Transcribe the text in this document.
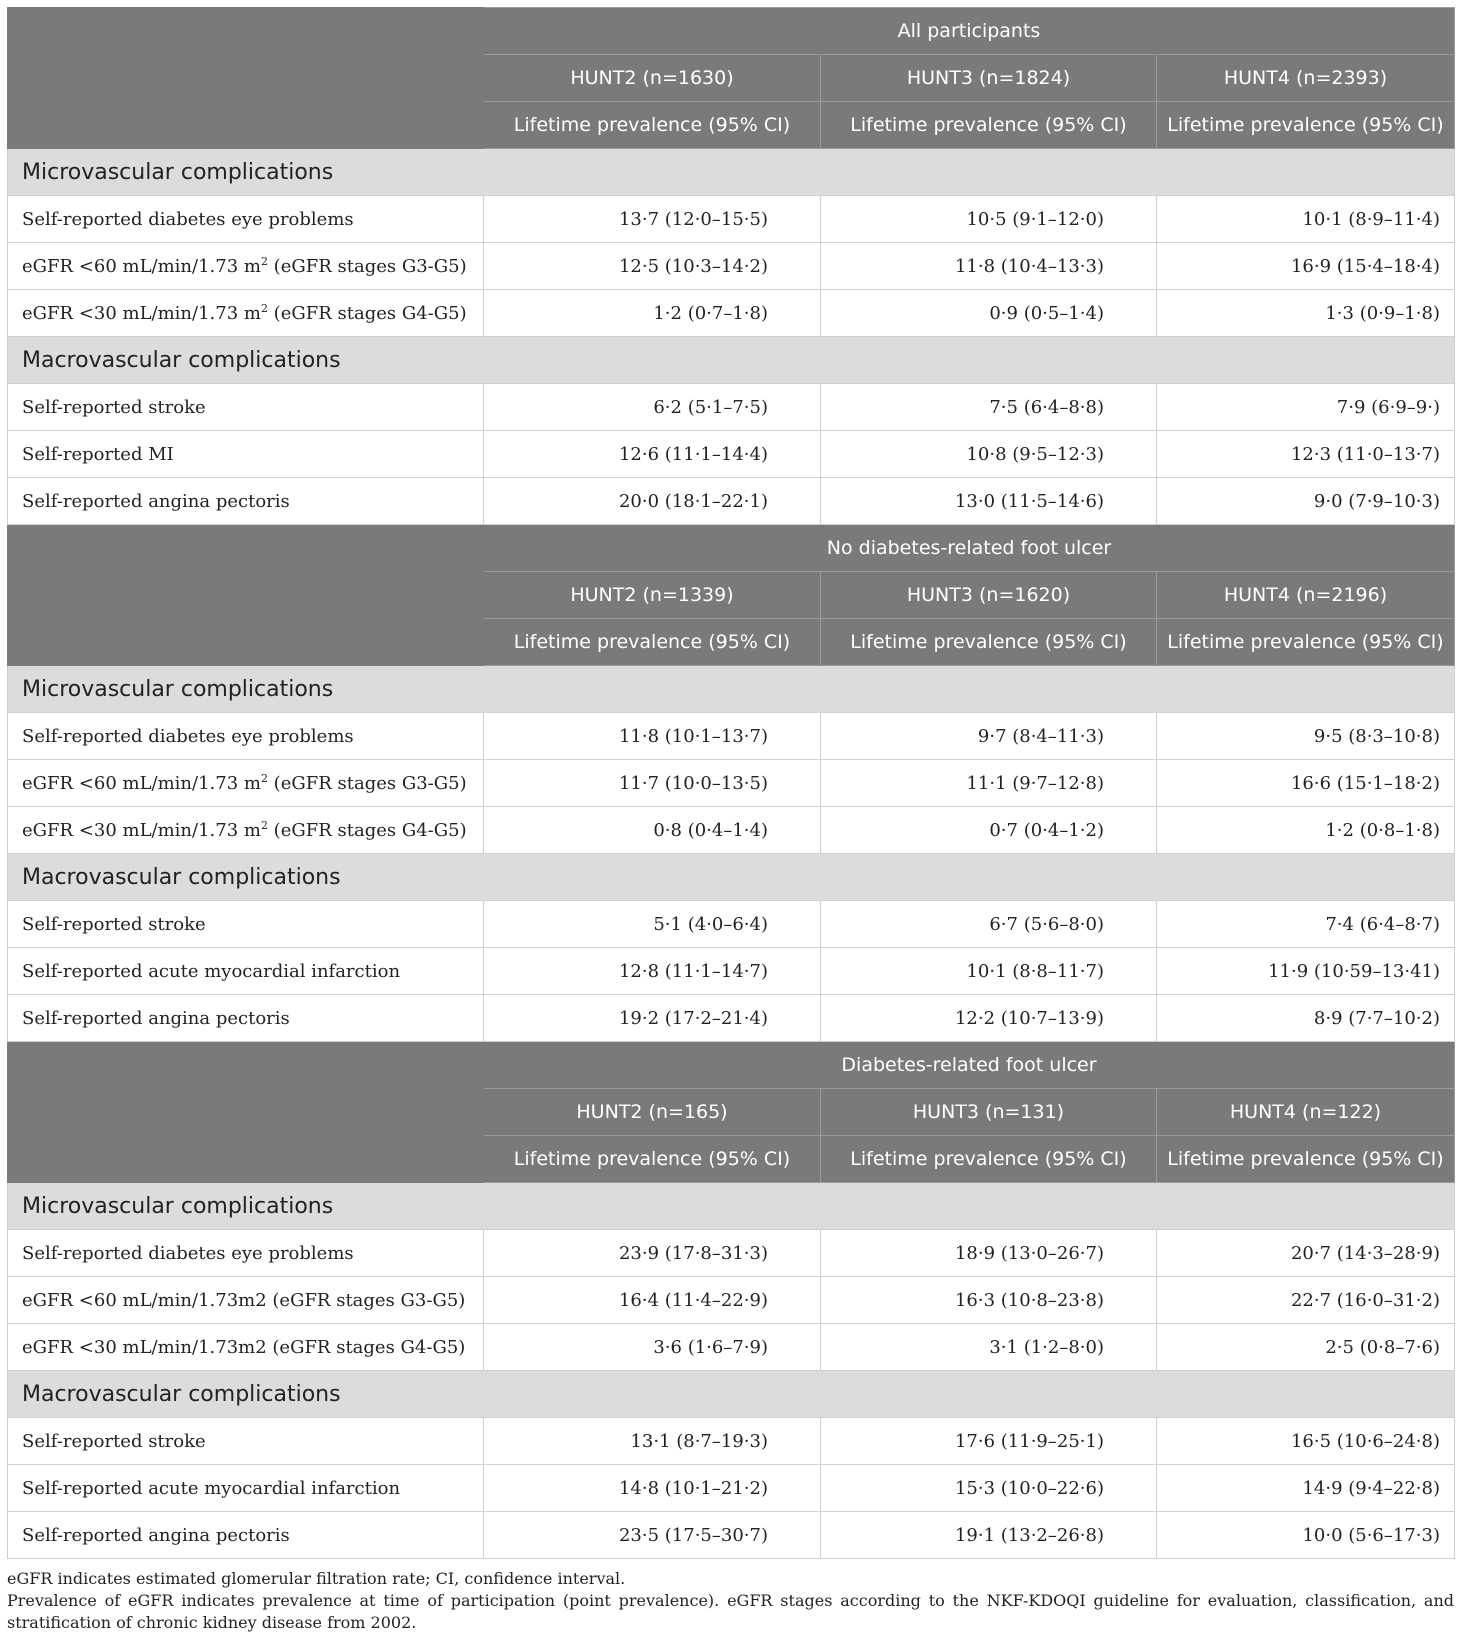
	All participants		
	HUNT2 (n=1630)	HUNT3 (n=1824)	HUNT4 (n=2393)
	Lifetime prevalence (95% CI)	Lifetime prevalence (95% CI)	Lifetime prevalence (95% CI)
Microvascular complications			
Self-reported diabetes eye problems	13·7 (12·0–15·5)	10·5 (9·1–12·0)	10·1 (8·9–11·4)
eGFR <60 mL/min/1.73 $m^2$ (eGFR stages G3-G5)	12·5 (10·3–14·2)	11·8 (10·4–13·3)	16·9 (15·4–18·4)
eGFR <30 mL/min/1.73 $m^2$ (eGFR stages G4-G5)	1·2 (0·7–1·8)	0·9 (0·5–1·4)	1·3 (0·9–1·8)
Macrovascular complications			
Self-reported stroke	6·2 (5·1–7·5)	7·5 (6·4–8·8)	7·9 (6·9–9·)
Self-reported MI	12·6 (11·1–14·4)	10·8 (9·5–12·3)	12·3 (11·0–13·7)
Self-reported angina pectoris	20·0 (18·1–22·1)	13·0 (11·5–14·6)	9·0 (7·9–10·3)
	No diabetes-related foot ulcer		
	HUNT2 (n=1339)	HUNT3 (n=1620)	HUNT4 (n=2196)
	Lifetime prevalence (95% CI)	Lifetime prevalence (95% CI)	Lifetime prevalence (95% CI)
Microvascular complications			
Self-reported diabetes eye problems	11·8 (10·1–13·7)	9·7 (8·4–11·3)	9·5 (8·3–10·8)
eGFR <60 mL/min/1.73 $m^2$ (eGFR stages G3-G5)	11·7 (10·0–13·5)	11·1 (9·7–12·8)	16·6 (15·1–18·2)
eGFR <30 mL/min/1.73 $m^2$ (eGFR stages G4-G5)	0·8 (0·4–1·4)	0·7 (0·4–1·2)	1·2 (0·8–1·8)
Macrovascular complications			
Self-reported stroke	5·1 (4·0–6·4)	6·7 (5·6–8·0)	7·4 (6·4–8·7)
Self-reported acute myocardial infarction	12·8 (11·1–14·7)	10·1 (8·8–11·7)	11·9 (10·59–13·41)
Self-reported angina pectoris	19·2 (17·2–21·4)	12·2 (10·7–13·9)	8·9 (7·7–10·2)
	Diabetes-related foot ulcer		
	HUNT2 (n=165)	HUNT3 (n=131)	HUNT4 (n=122)
	Lifetime prevalence (95% CI)	Lifetime prevalence (95% CI)	Lifetime prevalence (95% CI)
Microvascular complications			
Self-reported diabetes eye problems	23·9 (17·8–31·3)	18·9 (13·0–26·7)	20·7 (14·3–28·9)
eGFR <60 mL/min/1.73m2 (eGFR stages G3-G5)	16·4 (11·4–22·9)	16·3 (10·8–23·8)	22·7 (16·0–31·2)
eGFR <30 mL/min/1.73m2 (eGFR stages G4-G5)	3·6 (1·6–7·9)	3·1 (1·2–8·0)	2·5 (0·8–7·6)
Macrovascular complications			
Self-reported stroke	13·1 (8·7–19·3)	17·6 (11·9–25·1)	16·5 (10·6–24·8)
Self-reported acute myocardial infarction	14·8 (10·1–21·2)	15·3 (10·0–22·6)	14·9 (9·4–22·8)
Self-reported angina pectoris	23·5 (17·5–30·7)	19·1 (13·2–26·8)	10·0 (5·6–17·3)

eGFR indicates estimated glomerular filtration rate; CI, confidence interval.

Prevalence of eGFR indicates prevalence at time of participation (point prevalence). eGFR stages according to the NKF-KDOQI guideline for evaluation, classification, and stratification of chronic kidney disease from 2002.
